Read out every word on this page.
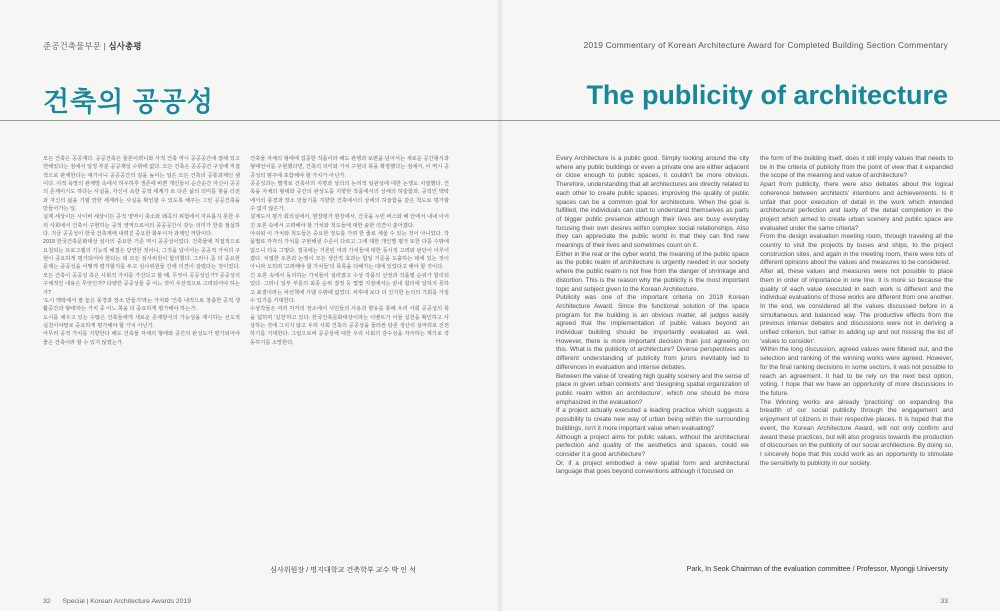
준공건축물부문 | 심사총평
건축의 공공성

모든 건축은 공공재다. 공공건축은 물론이려니와 사적 건축 역시 공공공간에 접해 있고 면해있다는 점에서 일정 부분 공공재일 수밖에 없다. 모든 건축은 공공공간 구성에 직접적으로 관계한다는 얘기이니 공공공간의 질을 높이는 일은 모든 건축의 공통과제인 셈이다. 사적 욕망의 관계망 속에서 허우하루 생존에 바쁜 개인들이 순간순간 자신이 공공의 존재이기도 하다는 사실을, 자신이 속한 공적 세계가 또 다른 삶의 의미를 찾을 터전과 자신의 삶을 기댈 만한 세계라는 사실을 확인할 수 있도록 해주는 그런 공공건축을 만들어가는 일.

실제 세상이든 사이버 세상이든 공적 영역이 축소와 왜곡의 위험에서 자유롭지 못한 우리 사회에서 건축이 구현하는 공적 영역으로서의 공공공간이 갖는 의미가 한층 절실하다. 지금 공공성이 한국 건축계에 내려진 중요한 화두이자 과제인 까닭이다.

2019 한국건축문화대상 심사의 중요한 기준 역시 공공성이었다. 건축물에 직접적으로 요청되는 프로그램의 기능적 해결은 당연한 것이니, 그것을 넘어서는 공공적 가치의 구현이 중요하게 평가되어야 한다는 데 모든 심사위원이 합의했다. 그러나 좀 더 중요한 문제는 공공성을 어떻게 평가할지를 두고 심사위원들 간에 의견이 갈렸다는 것이었다. 모든 건축이 공공성 혹은 사회적 가치를 가진다고 할 때, 무엇이 공공성인가? 공공성의 구체적인 내용은 무엇인가? 다양한 공공성들 중 어느 것이 우선적으로 고려되어야 하는가?

'도시 맥락에서 잘 놓은 풍경과 장소 만들기'라는 가치와 '건축 내적으로 창출한 공적 생활공간과 형태'라는 가치 중 어느 쪽을 더 중요하게 평가해야 하는가.

도시를 채우고 있는 수많은 건축들에게 새로운 존재방식의 가능성을 제시하는 선도적 실천이야말로 중요하게 평가해야 할 가치 아닌가.

아무리 공적 가치를 지향한다 해도 건축물 자체의 형태와 공간의 완성도가 평가되어야 좋은 건축이라 할 수 있지 않겠는가.

건축물 자체의 형태에 집중한 작품이라 해도 관행과 보편을 넘어서는 새로운 공간형식과 형태언어를 구현했다면, 건축의 의미와 가치 구현의 폭을 확장했다는 점에서, 이 역시 공공성의 범주에 포함해야 할 가치가 아닌가.

공공성과는 별개로 건축사의 지평과 상의의 논리적 일관성에 대한 논쟁도 치열했다. 건축을 자체의 형태와 공간의 완성도를 지향한 작품에서의 상세의 허술함과, 공적인 맥락에서의 풍경과 장소 만들기를 지향한 건축에서의 상세의 허술함을 같은 척도로 평가할 수 없지 않은가.

설계도서 평가 회의실에서, 현장평가 현장에서, 건국을 누빈 버스와 배 안에서 내내 이어진 토론 속에서 고려해야 할 가치와 척도들에 대한 솔한 의견이 쏟아졌다.

아쉬워 이 가치와 척도들은 중요한 정도를 가려 한 줄로 세울 수 있는 것이 아니었다. 작품별로 각각의 가치를 구현해낸 수준이 다르고 그에 대한 개인별 평가 또한 다를 수밖에 없으니 더욱 그렇다. 결국에는 거론된 여러 가치들에 대한 동시적 고려와 판단이 이루어졌다. 치열한 토론과 논쟁이 모든 생산적 효과는 합일 기준을 도출하는 데에 있는 것이 아니라 오히려 '고려해야 할 가치들'의 목록을 더해가는 데에 있었다고 해야 할 것이다.

긴 토론 속에서 동의하는 가치들이 걸러졌고 수상 작품의 선정과 작품별 순위가 합의되었다. 그러나 일부 부문의 최종 순위 결정 등 몇몇 지점에서는 끝내 합의에 달하지 못하고 표결이라는 차선책에 기댈 수밖에 없었다. 차후에 보다 더 진지한 논의의 기회를 가질 수 있기를 기대한다.

수상작들은 여러 각각의 장소에서 시민들의 사용과 향유를 통해 우리 사회 공공성의 폭을 넓히며 '실천'하고 있다. 한국건축문화대상이라는 이벤트가 이들 실천을 확인하고 사상하는 것에 그치지 않고 우리 사회 건축의 공공성을 둘러싼 담론 생산의 실마리로 진전하기를 기대한다. 그럼으로써 공공성에 대한 우리 사회의 감수성을 자극하는 계기로 작동하기를 소망한다.

심사위원장 / 명지대학교 건축학부 교수 박 인 석
32 Special | Korean Architecture Awards 2019
2019 Commentary of Korean Architecture Award for Completed Building Section Commentary
The publicity of architecture

Every Architecture is a public good. Simply looking around the city where any public buildings or even a private one are either adjacent or close enough to public spaces, it couldn't be more obvious. Therefore, understanding that all architectures are directly related to each other to create public spaces, improving the quality of public spaces can be a common goal for architecture. When the goal is fulfilled, the individuals can start to understand themselves as parts of bigger public presence although their lives are busy everyday focusing their own desires within complex social relationships. Also they can appreciate the public world in that they can find new meanings of their lives and sometimes count on it.

Either in the real or the cyber world, the meaning of the public space as the public realm of architecture is urgently needed in our society where the public realm is not free from the danger of shrinkage and distortion. This is the reason why the publicity is the most important topic and subject given to the Korean Architecture.

Publicity was one of the important criteria on 2019 Korean Architecture Award. Since the functional solution of the space program for the building is an obvious matter, all judges easily agreed that the implementation of public values beyond an individual building should be importantly evaluated as well. However, there is more important decision than just agreeing on this. What is the publicity of architecture? Diverse perspectives and different understanding of publicity from jurors inevitably led to differences in evaluation and intense debates.

Between the value of 'creating high quality scenery and the sense of place in given urban contexts' and 'designing spatial organization of public realm within an architecture', which one should be more emphasized in the evaluation?

If a project actually executed a leading practice which suggests a possibility to create new way of urban being within the surrounding buildings, isn't it more important value when evaluating?

Although a project aims for public values, without the architectural perfection and quality of the aesthetics and spaces, could we consider it a good architecture?

Or, if a project embodied a new spatial form and architectural language that goes beyond conventions although it focused on

the form of the building itself, does it still imply values that needs to be in the criteria of publicity from the point of view that it expanded the scope of the meaning and value of architecture?

Apart from publicity, there were also debates about the logical coherence between architects' intentions and achievements. Is it unfair that poor execution of detail in the work which intended architectural perfection and laxity of the detail completion in the project which aimed to create urban scenery and public space are evaluated under the same criteria?

From the design evaluation meeting room, through traveling all the country to visit the projects by buses and ships, to the project construction sites, and again in the meeting room, there were lots of different opinions about the values and measures to be considered.

After all, these values and measures were not possible to place them in order of importance in one line. It is more so because the quality of each value executed in each work is different and the individual evaluations of those works are different from one another. In the end, we considered all the values discussed before in a simultaneous and balanced way. The productive effects from the previous intense debates and discussions were not in deriving a unified criterion, but rather in adding up and not missing the list of 'values to consider'.

Within the long discussion, agreed values were filtered out, and the selection and ranking of the winning works were agreed. However, for the final ranking decisions in some sectors, it was not possible to reach an agreement. It had to be rely on the next best option, voting. I hope that we have an opportunity of more discussions in the future.

The Winning works are already 'practicing' on expanding the breadth of our social publicity through the engagement and enjoyment of citizens in their respective places. It is hoped that the event, the Korean Architecture Award, will not only confirm and award these practices, but will also progress towards the production of discourses on the publicity of our social architecture. By doing so, I sincerely hope that this could work as an opportunity to stimulate the sensitivity to publicity in our society.

Park, In Seok Chairman of the evaluation committee / Professor, Myongji University
33
